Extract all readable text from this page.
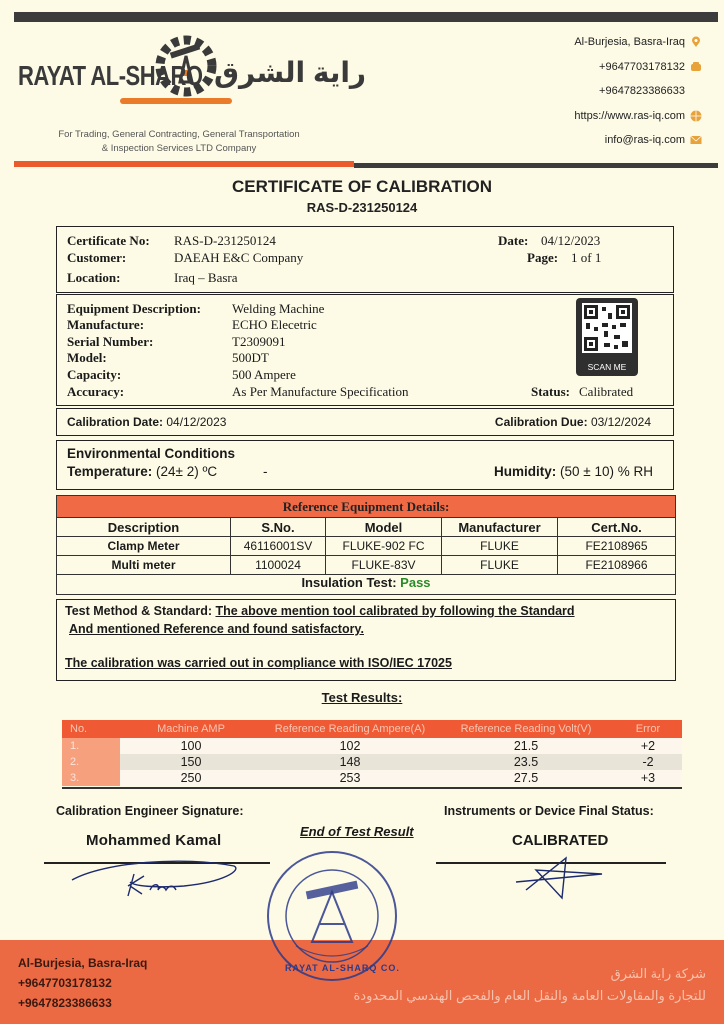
RAYAT AL-SHARQ راية الشرق
For Trading, General Contracting, General Transportation
& Inspection Services LTD Company
Al-Burjesia, Basra-Iraq
+9647703178132
+9647823386633
https://www.ras-iq.com
info@ras-iq.com
CERTIFICATE OF CALIBRATION
RAS-D-231250124
Certificate No: RAS-D-231250124
Customer:	DAEAH E&C Company
Location:	Iraq – Basra
Date: 04/12/2023
Page: 1 of 1
Equipment Description: Welding Machine
Manufacture:	ECHO Elecetric
Serial Number:	T2309091
Model:	500DT
Capacity:	500 Ampere
Accuracy:	As Per Manufacture Specification	Status: Calibrated
SCAN ME
Calibration Date: 04/12/2023	Calibration Due: 03/12/2024
Environmental Conditions
Temperature: (24± 2) ºC	-	Humidity: (50 ± 10) % RH
Reference Equipment Details:				
Description	S.No.	Model	Manufacturer	Cert.No.
Clamp Meter	46116001SV	FLUKE-902 FC	FLUKE	FE2108965
Multi meter	1100024	FLUKE-83V	FLUKE	FE2108966
Insulation Test: Pass
Test Method & Standard: The above mention tool calibrated by following the Standard
And mentioned Reference and found satisfactory.
The calibration was carried out in compliance with ISO/IEC 17025
Test Results:
No.	Machine AMP	Reference Reading Ampere(A)	Reference Reading Volt(V)	Error
1.	100	102	21.5	+2
2.	150	148	23.5	-2
3.	250	253	27.5	+3
Calibration Engineer Signature:	Instruments or Device Final Status:
End of Test Result
Mohammed Kamal	CALIBRATED
Al-Burjesia, Basra-Iraq
+9647703178132
+9647823386633
شركة راية الشرق
للتجارة والمقاولات العامة والنقل العام والفحص الهندسي المحدودة
RAYAT AL-SHARQ CO.
